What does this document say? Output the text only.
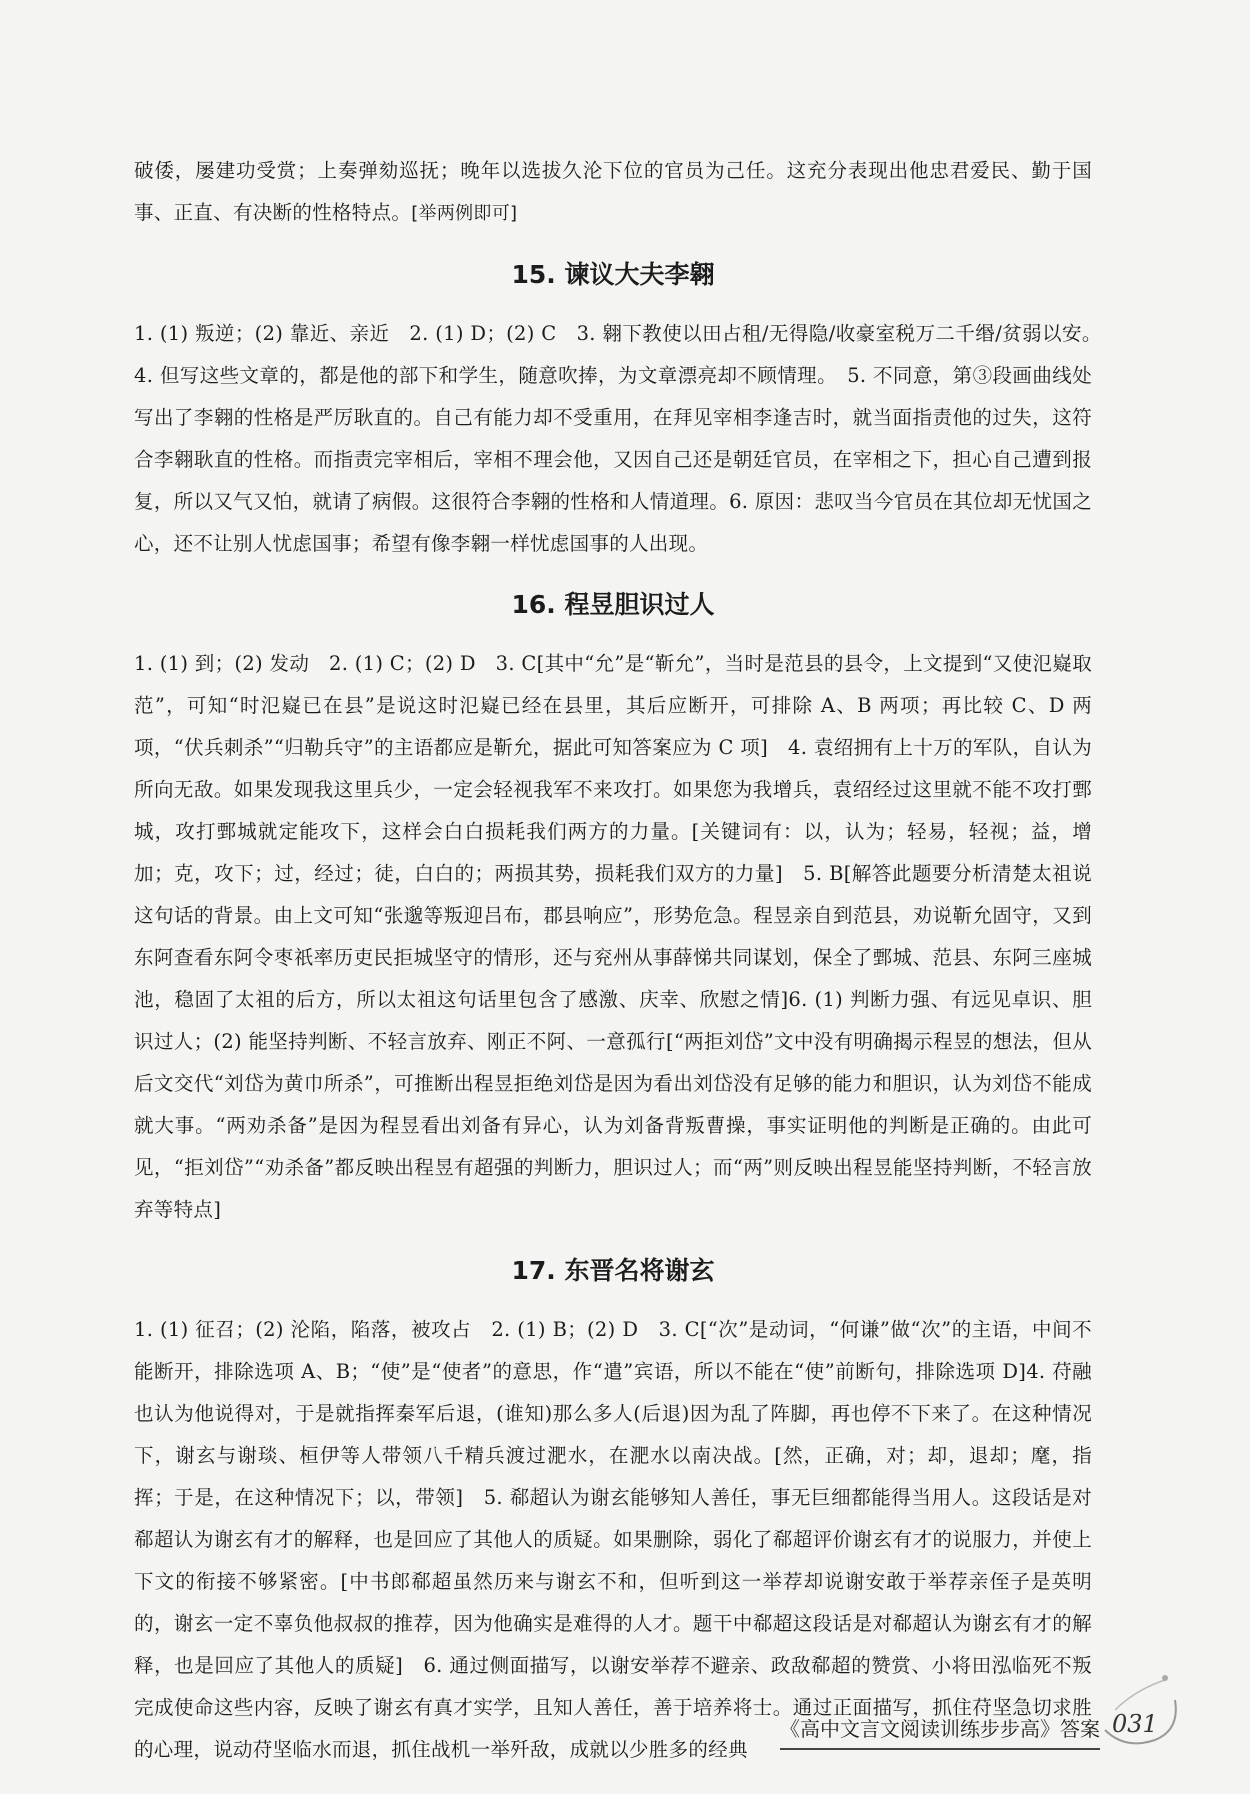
破倭，屡建功受赏；上奏弹劾巡抚；晚年以选拔久沦下位的官员为己任。这充分表现出他忠君爱民、勤于国事、正直、有决断的性格特点。[举两例即可]

15. 谏议大夫李翱

1. (1) 叛逆；(2) 靠近、亲近　2. (1) D；(2) C　3. 翱下教使以田占租/无得隐/收豪室税万二千缗/贫弱以安。　4. 但写这些文章的，都是他的部下和学生，随意吹捧，为文章漂亮却不顾情理。　5. 不同意，第③段画曲线处写出了李翱的性格是严厉耿直的。自己有能力却不受重用，在拜见宰相李逢吉时，就当面指责他的过失，这符合李翱耿直的性格。而指责完宰相后，宰相不理会他，又因自己还是朝廷官员，在宰相之下，担心自己遭到报复，所以又气又怕，就请了病假。这很符合李翱的性格和人情道理。6. 原因：悲叹当今官员在其位却无忧国之心，还不让别人忧虑国事；希望有像李翱一样忧虑国事的人出现。

16. 程昱胆识过人

1. (1) 到；(2) 发动　2. (1) C；(2) D　3. C[其中“允”是“靳允”，当时是范县的县令，上文提到“又使氾嶷取范”，可知“时氾嶷已在县”是说这时氾嶷已经在县里，其后应断开，可排除 A、B 两项；再比较 C、D 两项，“伏兵刺杀”“归勒兵守”的主语都应是靳允，据此可知答案应为 C 项]　4. 袁绍拥有上十万的军队，自认为所向无敌。如果发现我这里兵少，一定会轻视我军不来攻打。如果您为我增兵，袁绍经过这里就不能不攻打鄄城，攻打鄄城就定能攻下，这样会白白损耗我们两方的力量。[关键词有：以，认为；轻易，轻视；益，增加；克，攻下；过，经过；徒，白白的；两损其势，损耗我们双方的力量]　5. B[解答此题要分析清楚太祖说这句话的背景。由上文可知“张邈等叛迎吕布，郡县响应”，形势危急。程昱亲自到范县，劝说靳允固守，又到东阿查看东阿令枣祇率历吏民拒城坚守的情形，还与兖州从事薛悌共同谋划，保全了鄄城、范县、东阿三座城池，稳固了太祖的后方，所以太祖这句话里包含了感激、庆幸、欣慰之情]6. (1) 判断力强、有远见卓识、胆识过人；(2) 能坚持判断、不轻言放弃、刚正不阿、一意孤行[“两拒刘岱”文中没有明确揭示程昱的想法，但从后文交代“刘岱为黄巾所杀”，可推断出程昱拒绝刘岱是因为看出刘岱没有足够的能力和胆识，认为刘岱不能成就大事。“两劝杀备”是因为程昱看出刘备有异心，认为刘备背叛曹操，事实证明他的判断是正确的。由此可见，“拒刘岱”“劝杀备”都反映出程昱有超强的判断力，胆识过人；而“两”则反映出程昱能坚持判断，不轻言放弃等特点]

17. 东晋名将谢玄

1. (1) 征召；(2) 沦陷，陷落，被攻占　2. (1) B；(2) D　3. C[“次”是动词，“何谦”做“次”的主语，中间不能断开，排除选项 A、B；“使”是“使者”的意思，作“遣”宾语，所以不能在“使”前断句，排除选项 D]4. 苻融也认为他说得对，于是就指挥秦军后退，(谁知)那么多人(后退)因为乱了阵脚，再也停不下来了。在这种情况下，谢玄与谢琰、桓伊等人带领八千精兵渡过淝水，在淝水以南决战。[然，正确，对；却，退却；麾，指挥；于是，在这种情况下；以，带领]　5. 郗超认为谢玄能够知人善任，事无巨细都能得当用人。这段话是对郗超认为谢玄有才的解释，也是回应了其他人的质疑。如果删除，弱化了郗超评价谢玄有才的说服力，并使上下文的衔接不够紧密。[中书郎郗超虽然历来与谢玄不和，但听到这一举荐却说谢安敢于举荐亲侄子是英明的，谢玄一定不辜负他叔叔的推荐，因为他确实是难得的人才。题干中郗超这段话是对郗超认为谢玄有才的解释，也是回应了其他人的质疑]　6. 通过侧面描写，以谢安举荐不避亲、政敌郗超的赞赏、小将田泓临死不叛完成使命这些内容，反映了谢玄有真才实学，且知人善任，善于培养将士。通过正面描写，抓住苻坚急切求胜的心理，说动苻坚临水而退，抓住战机一举歼敌，成就以少胜多的经典

《高中文言文阅读训练步步高》答案 031
